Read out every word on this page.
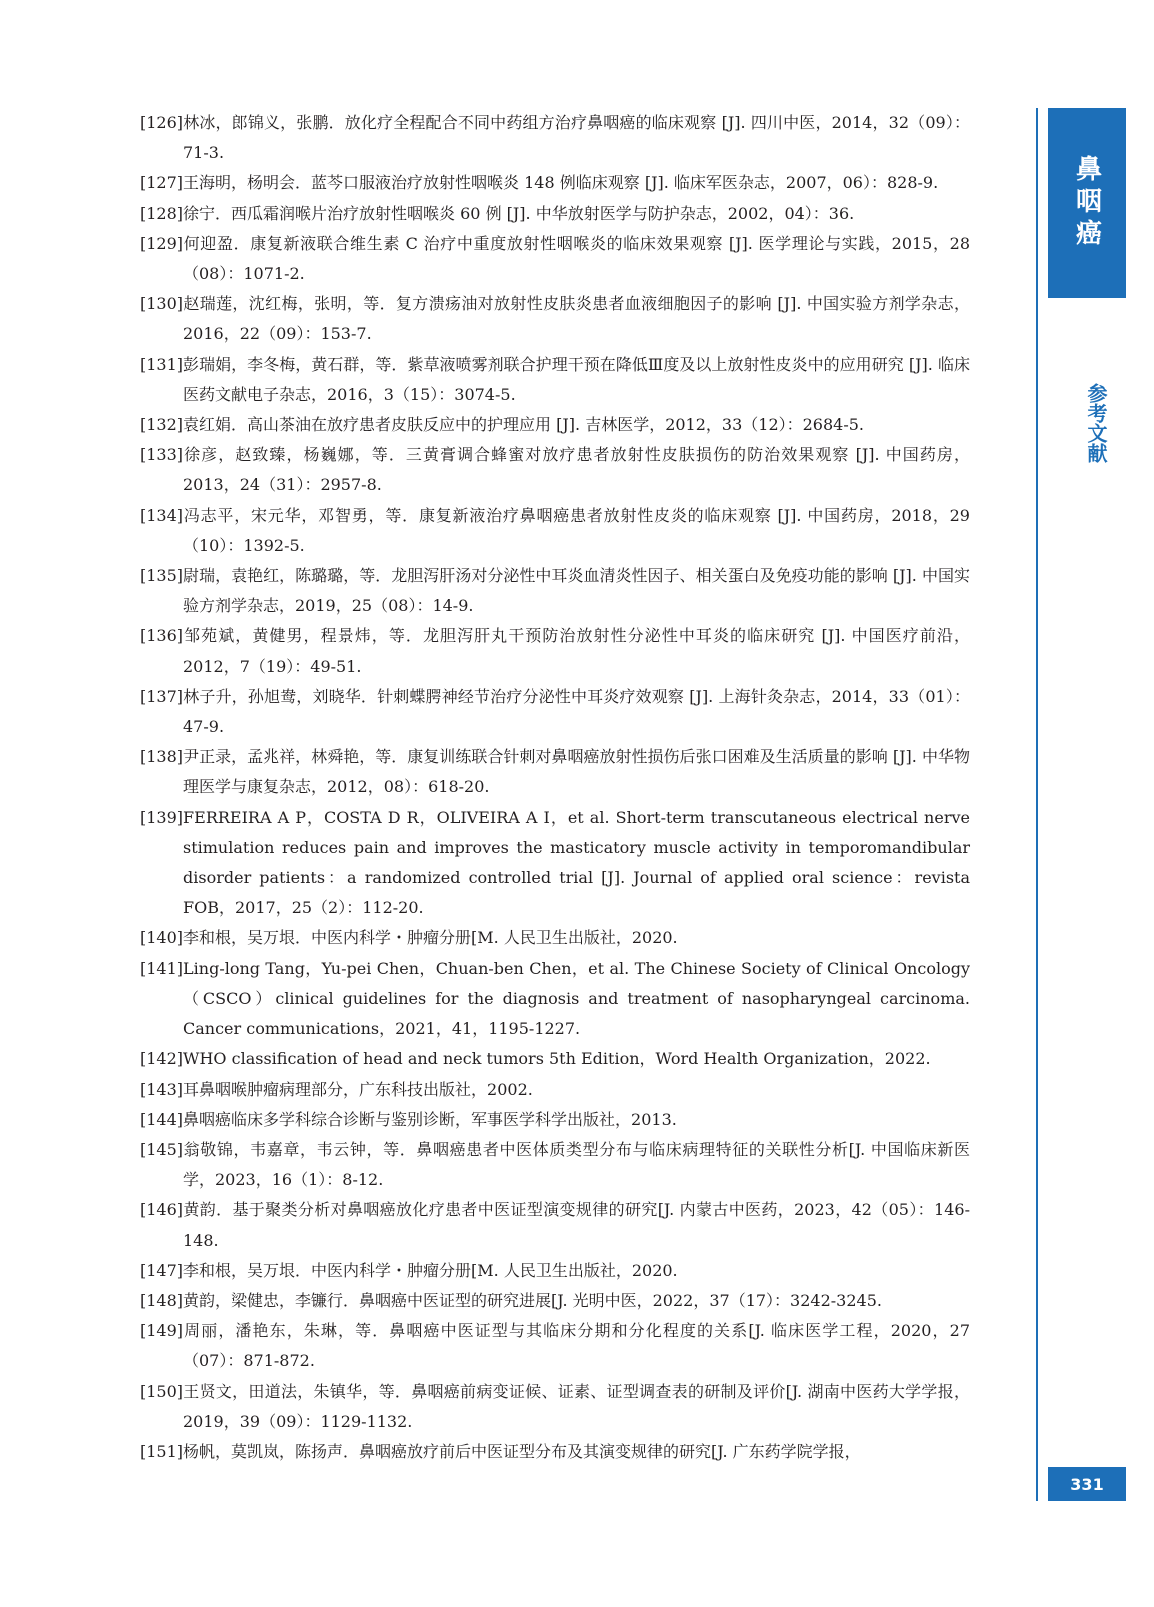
[126]林冰，郎锦义，张鹏．放化疗全程配合不同中药组方治疗鼻咽癌的临床观察 [J]. 四川中医，2014，32（09）：71-3.
[127]王海明，杨明会．蓝芩口服液治疗放射性咽喉炎 148 例临床观察 [J]. 临床军医杂志，2007，06）：828-9.
[128]徐宁．西瓜霜润喉片治疗放射性咽喉炎 60 例 [J]. 中华放射医学与防护杂志，2002，04）：36.
[129]何迎盈．康复新液联合维生素 C 治疗中重度放射性咽喉炎的临床效果观察 [J]. 医学理论与实践，2015，28（08）：1071-2.
[130]赵瑞莲，沈红梅，张明，等．复方溃疡油对放射性皮肤炎患者血液细胞因子的影响 [J]. 中国实验方剂学杂志，2016，22（09）：153-7.
[131]彭瑞娟，李冬梅，黄石群，等．紫草液喷雾剂联合护理干预在降低Ⅲ度及以上放射性皮炎中的应用研究 [J]. 临床医药文献电子杂志，2016，3（15）：3074-5.
[132]袁红娟．高山茶油在放疗患者皮肤反应中的护理应用 [J]. 吉林医学，2012，33（12）：2684-5.
[133]徐彦，赵致臻，杨巍娜，等．三黄膏调合蜂蜜对放疗患者放射性皮肤损伤的防治效果观察 [J]. 中国药房，2013，24（31）：2957-8.
[134]冯志平，宋元华，邓智勇，等．康复新液治疗鼻咽癌患者放射性皮炎的临床观察 [J]. 中国药房，2018，29（10）：1392-5.
[135]尉瑞，袁艳红，陈璐璐，等．龙胆泻肝汤对分泌性中耳炎血清炎性因子、相关蛋白及免疫功能的影响 [J]. 中国实验方剂学杂志，2019，25（08）：14-9.
[136]邹苑斌，黄健男，程景炜，等．龙胆泻肝丸干预防治放射性分泌性中耳炎的临床研究 [J]. 中国医疗前沿，2012，7（19）：49-51.
[137]林子升，孙旭鸯，刘晓华．针刺蝶腭神经节治疗分泌性中耳炎疗效观察 [J]. 上海针灸杂志，2014，33（01）：47-9.
[138]尹正录，孟兆祥，林舜艳，等．康复训练联合针刺对鼻咽癌放射性损伤后张口困难及生活质量的影响 [J]. 中华物理医学与康复杂志，2012，08）：618-20.
[139]FERREIRA A P，COSTA D R，OLIVEIRA A I，et al. Short-term transcutaneous electrical nerve stimulation reduces pain and improves the masticatory muscle activity in temporomandibular disorder patients：a randomized controlled trial [J]. Journal of applied oral science：revista FOB，2017，25（2）：112-20.
[140]李和根，吴万垠．中医内科学・肿瘤分册[M. 人民卫生出版社，2020.
[141]Ling-long Tang，Yu-pei Chen，Chuan-ben Chen，et al. The Chinese Society of Clinical Oncology（CSCO）clinical guidelines for the diagnosis and treatment of nasopharyngeal carcinoma. Cancer communications，2021，41，1195-1227.
[142]WHO classification of head and neck tumors 5th Edition，Word Health Organization，2022.
[143]耳鼻咽喉肿瘤病理部分，广东科技出版社，2002.
[144]鼻咽癌临床多学科综合诊断与鉴别诊断，军事医学科学出版社，2013.
[145]翁敬锦，韦嘉章，韦云钟，等．鼻咽癌患者中医体质类型分布与临床病理特征的关联性分析[J. 中国临床新医学，2023，16（1）：8-12.
[146]黄韵．基于聚类分析对鼻咽癌放化疗患者中医证型演变规律的研究[J. 内蒙古中医药，2023，42（05）：146-148.
[147]李和根，吴万垠．中医内科学・肿瘤分册[M. 人民卫生出版社，2020.
[148]黄韵，梁健忠，李镰行．鼻咽癌中医证型的研究进展[J. 光明中医，2022，37（17）：3242-3245.
[149]周丽，潘艳东，朱琳，等．鼻咽癌中医证型与其临床分期和分化程度的关系[J. 临床医学工程，2020，27（07）：871-872.
[150]王贤文，田道法，朱镇华，等．鼻咽癌前病变证候、证素、证型调查表的研制及评价[J. 湖南中医药大学学报，2019，39（09）：1129-1132.
[151]杨帆，莫凯岚，陈扬声．鼻咽癌放疗前后中医证型分布及其演变规律的研究[J. 广东药学院学报，
鼻咽癌
参考文献
331
